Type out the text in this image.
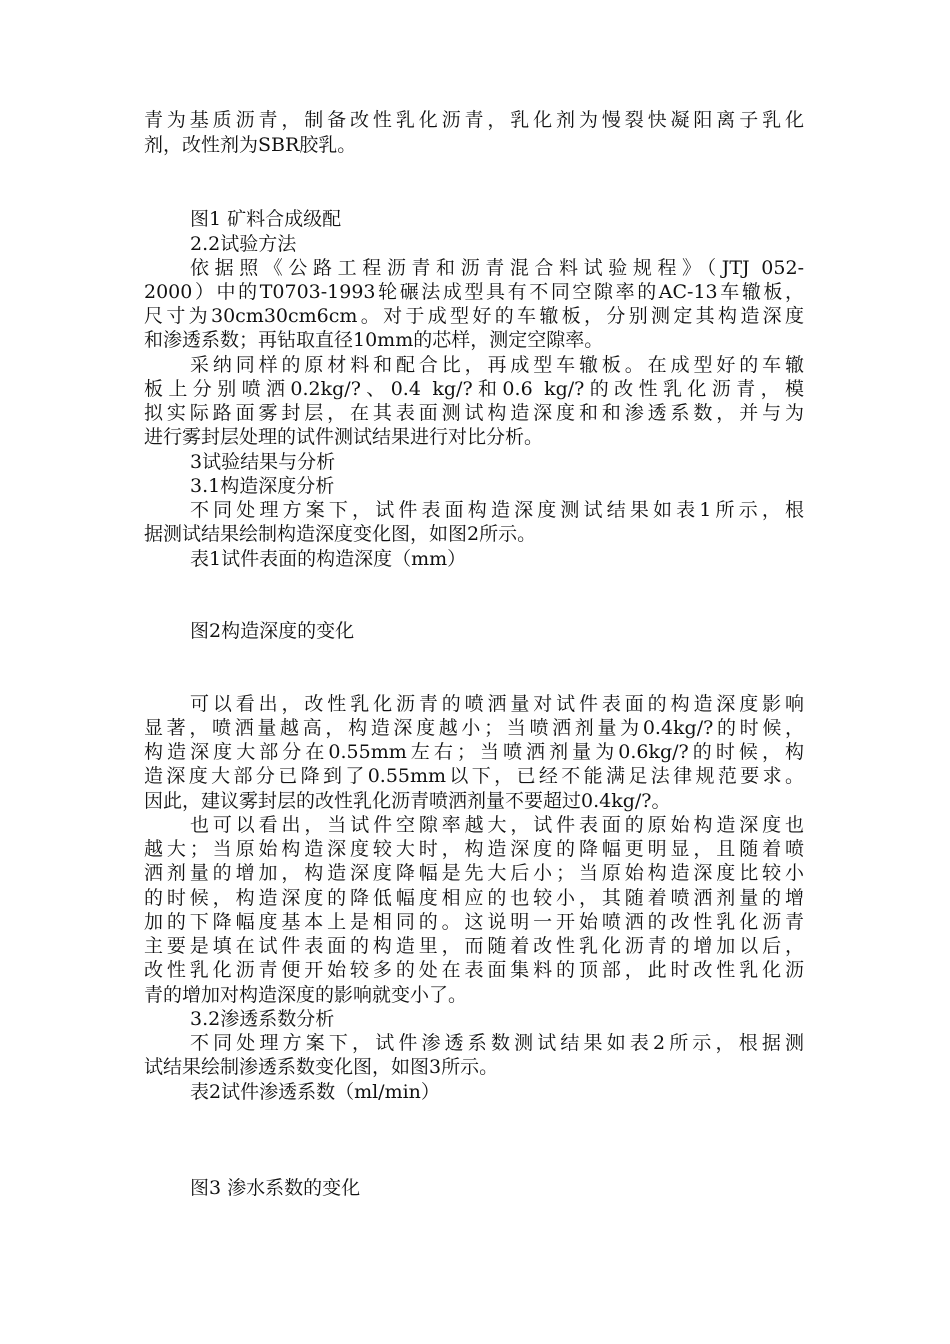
青为基质沥青，制备改性乳化沥青，乳化剂为慢裂快凝阳离子乳化
剂，改性剂为SBR胶乳。
图1 矿料合成级配
2.2试验方法
依据照《公路工程沥青和沥青混合料试验规程》（JTJ 052-
2000）中的T0703-1993轮碾法成型具有不同空隙率的AC-13车辙板，
尺寸为30cm30cm6cm。对于成型好的车辙板，分别测定其构造深度
和渗透系数；再钻取直径10mm的芯样，测定空隙率。
采纳同样的原材料和配合比，再成型车辙板。在成型好的车辙
板上分别喷洒0.2kg/?、0.4 kg/?和0.6 kg/?的改性乳化沥青，模
拟实际路面雾封层，在其表面测试构造深度和和渗透系数，并与为
进行雾封层处理的试件测试结果进行对比分析。
3试验结果与分析
3.1构造深度分析
不同处理方案下，试件表面构造深度测试结果如表1所示，根
据测试结果绘制构造深度变化图，如图2所示。
表1试件表面的构造深度（mm）
图2构造深度的变化
可以看出，改性乳化沥青的喷洒量对试件表面的构造深度影响
显著，喷洒量越高，构造深度越小；当喷洒剂量为0.4kg/?的时候，
构造深度大部分在0.55mm左右；当喷洒剂量为0.6kg/?的时候，构
造深度大部分已降到了0.55mm以下，已经不能满足法律规范要求。
因此，建议雾封层的改性乳化沥青喷洒剂量不要超过0.4kg/?。
也可以看出，当试件空隙率越大，试件表面的原始构造深度也
越大；当原始构造深度较大时，构造深度的降幅更明显，且随着喷
洒剂量的增加，构造深度降幅是先大后小；当原始构造深度比较小
的时候，构造深度的降低幅度相应的也较小，其随着喷洒剂量的增
加的下降幅度基本上是相同的。这说明一开始喷洒的改性乳化沥青
主要是填在试件表面的构造里，而随着改性乳化沥青的增加以后，
改性乳化沥青便开始较多的处在表面集料的顶部，此时改性乳化沥
青的增加对构造深度的影响就变小了。
3.2渗透系数分析
不同处理方案下，试件渗透系数测试结果如表2所示，根据测
试结果绘制渗透系数变化图，如图3所示。
表2试件渗透系数（ml/min）
图3 渗水系数的变化
